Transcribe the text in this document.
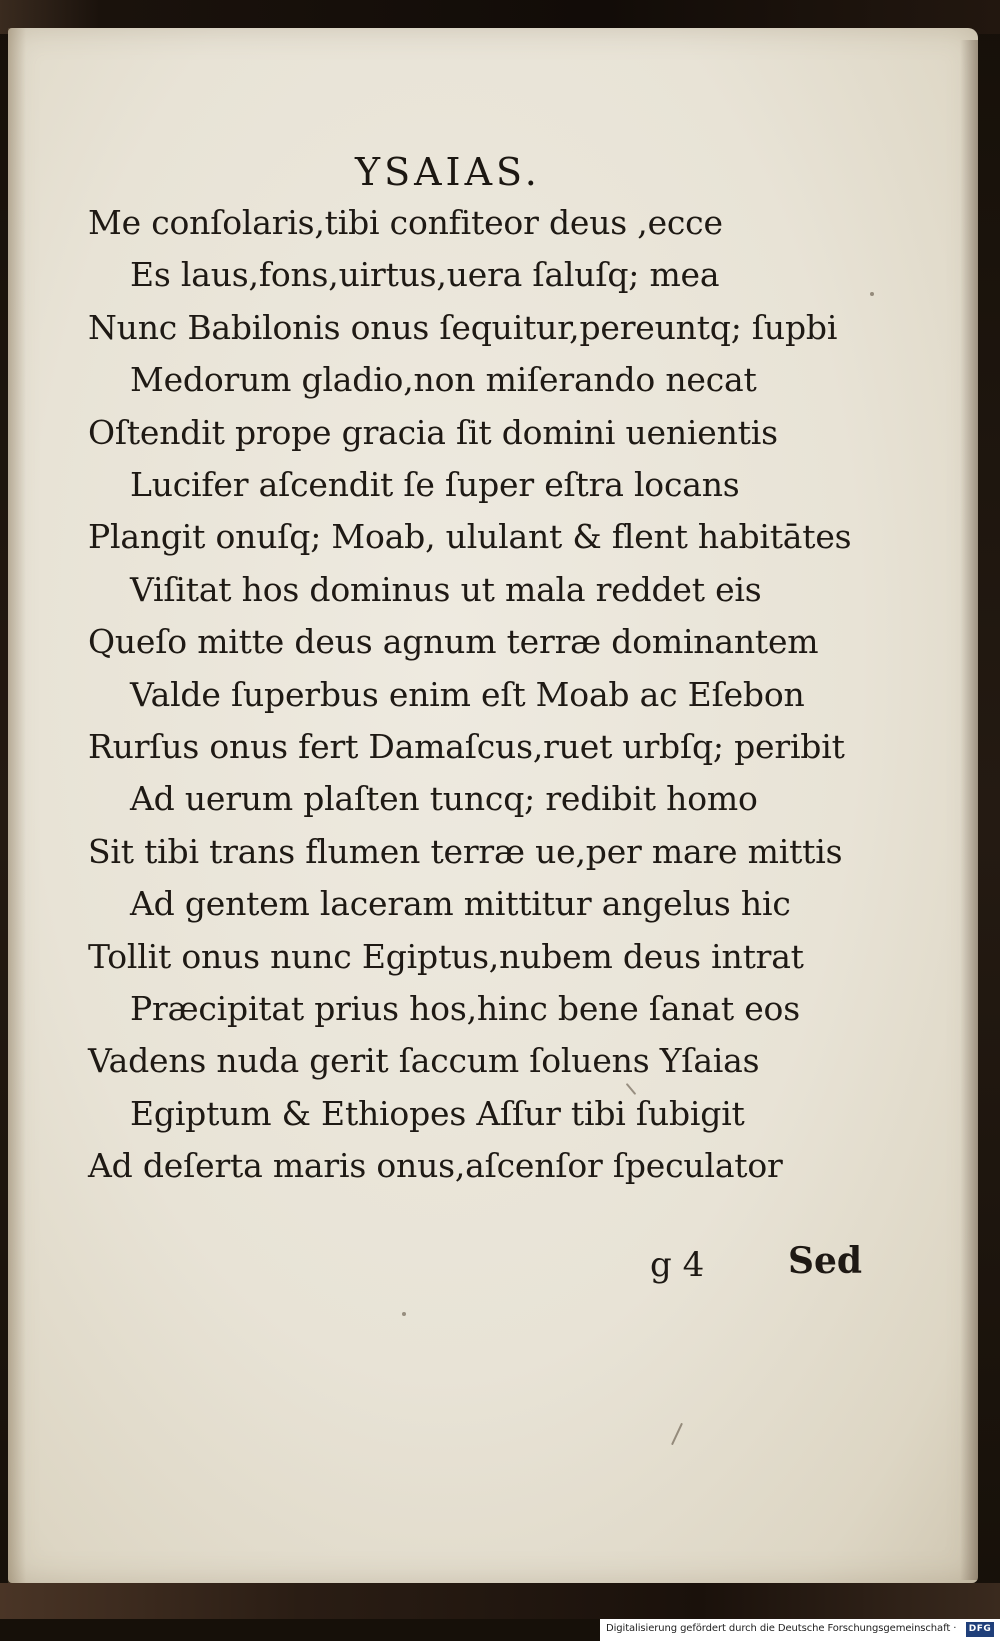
YSAIAS.
Me conſolaris,tibi confiteor deus ,ecce
Es laus,fons,uirtus,uera ſaluſq; mea
Nunc Babilonis onus ſequitur,pereuntq; ſupbi
Medorum gladio,non miſerando necat
Oſtendit prope gracia ſit domini uenientis
Lucifer aſcendit ſe ſuper eſtra locans
Plangit onuſq; Moab, ululant & flent habitātes
Viſitat hos dominus ut mala reddet eis
Queſo mitte deus agnum terræ dominantem
Valde ſuperbus enim eſt Moab ac Eſebon
Rurſus onus fert Damaſcus,ruet urbſq; peribit
Ad uerum plaſten tuncq; redibit homo
Sit tibi trans flumen terræ ue,per mare mittis
Ad gentem laceram mittitur angelus hic
Tollit onus nunc Egiptus,nubem deus intrat
Præcipitat prius hos,hinc bene ſanat eos
Vadens nuda gerit ſaccum ſoluens Yſaias
Egiptum & Ethiopes Aſſur tibi ſubigit
Ad deſerta maris onus,aſcenſor ſpeculator
g 4 Sed
Digitalisierung gefördert durch die Deutsche Forschungsgemeinschaft ·	DFG
